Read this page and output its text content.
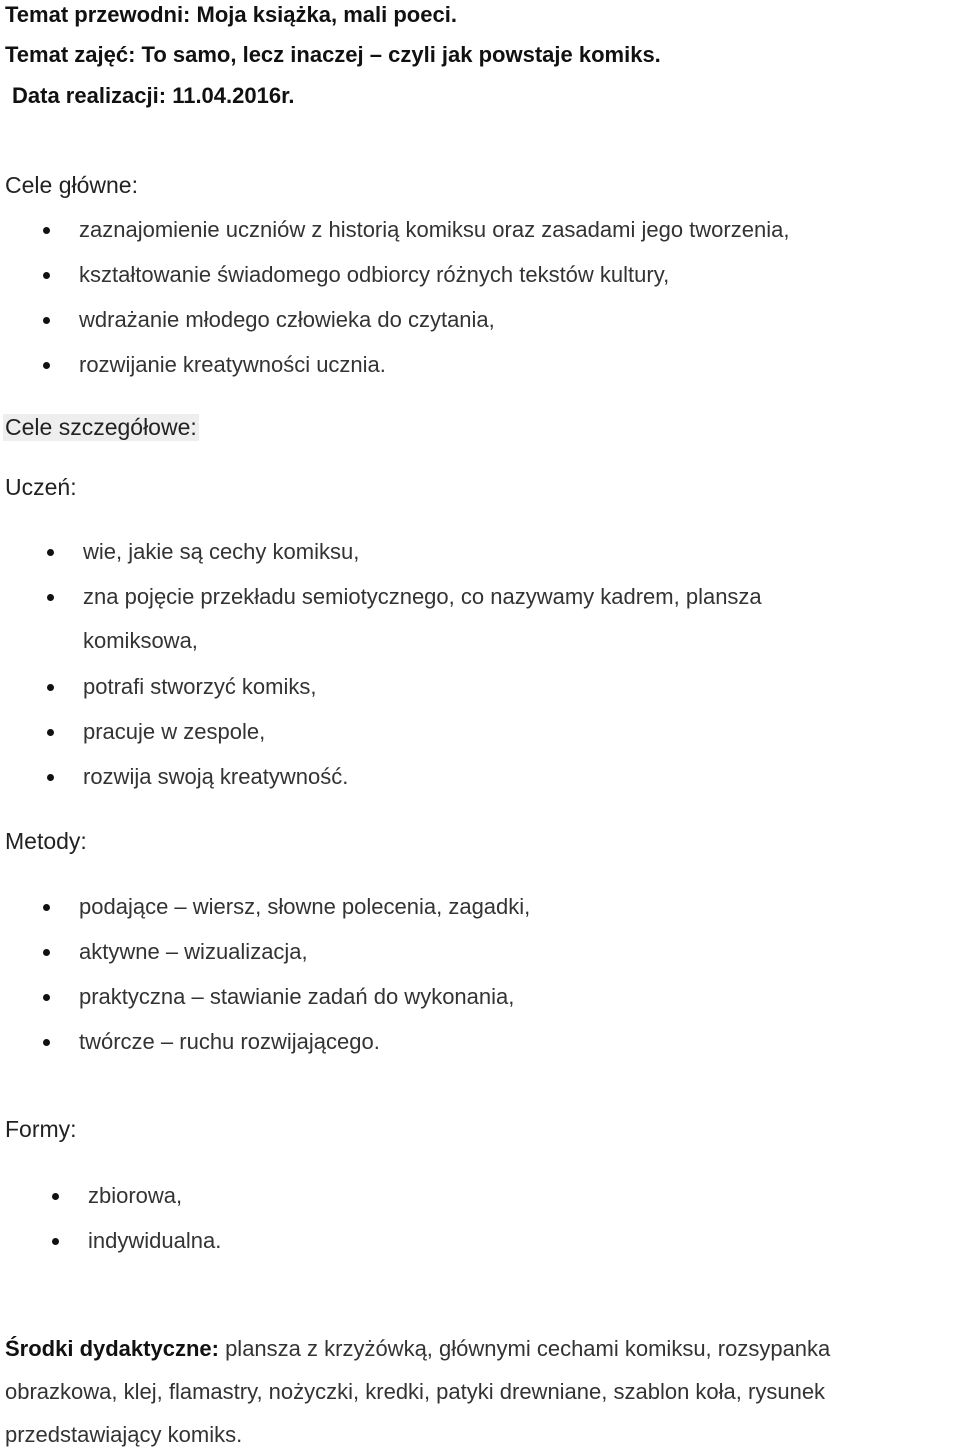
Temat przewodni: Moja książka, mali poeci.
Temat zajęć: To samo, lecz inaczej – czyli jak powstaje komiks.
Data realizacji: 11.04.2016r.
Cele główne:
zaznajomienie uczniów z historią komiksu oraz zasadami jego tworzenia,
kształtowanie świadomego odbiorcy różnych tekstów kultury,
wdrażanie młodego człowieka do czytania,
rozwijanie kreatywności ucznia.
Cele szczegółowe:
Uczeń:
wie, jakie są cechy komiksu,
zna pojęcie przekładu semiotycznego, co nazywamy kadrem, plansza
komiksowa,
potrafi stworzyć komiks,
pracuje w zespole,
rozwija swoją kreatywność.
Metody:
podające – wiersz, słowne polecenia, zagadki,
aktywne – wizualizacja,
praktyczna – stawianie zadań do wykonania,
twórcze – ruchu rozwijającego.
Formy:
zbiorowa,
indywidualna.
Środki dydaktyczne: plansza z krzyżówką, głównymi cechami komiksu, rozsypanka
obrazkowa, klej, flamastry, nożyczki, kredki, patyki drewniane, szablon koła, rysunek
przedstawiający komiks.
